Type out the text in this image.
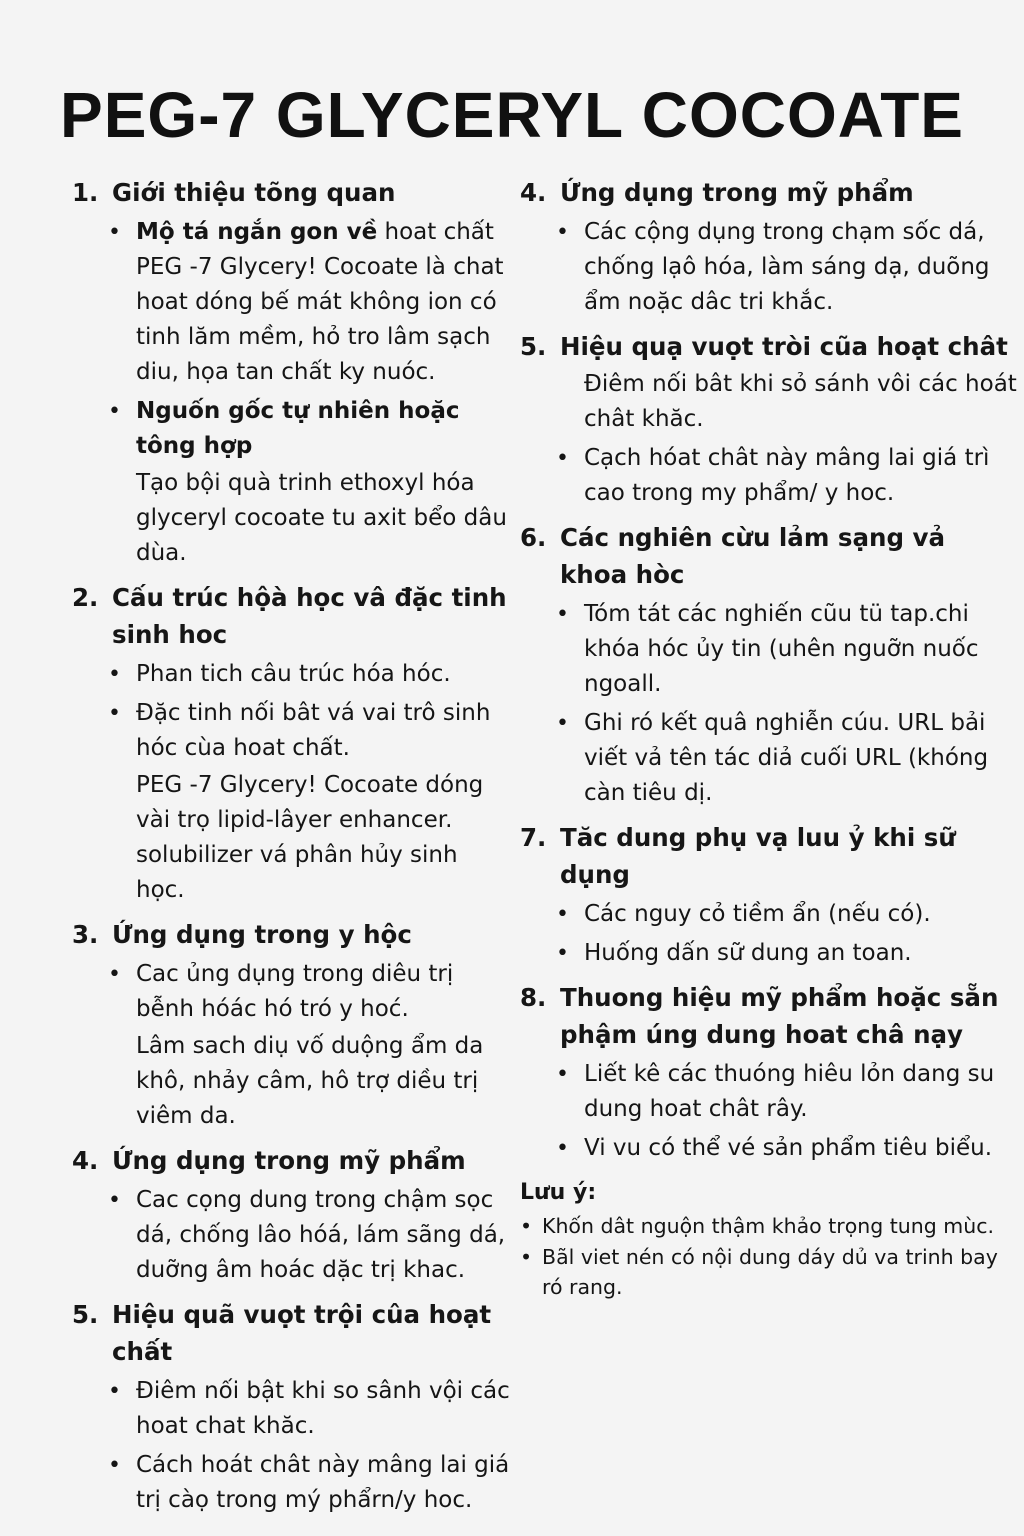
PEG-7 GLYCERYL COCOATE
1. Giới thiệu tõng quan
• Mộ tá ngắn gon về hoat chất PEG -7 Glycery! Cocoate là chat hoat dóng bế mát không ion có tinh lăm mềm, hỏ tro lâm sạch diu, họa tan chất ky nuóc.
• Nguốn gốc tự nhiên hoặc tông hợp
Tạo bội quà trinh ethoxyl hóa glyceryl cocoate tu axit bểo dâu dùa.
2. Cấu trúc hộà học vâ đặc tinh sinh hoc
• Phan tich câu trúc hóa hóc.
• Đặc tinh nối bât vá vai trô sinh hóc cùa hoat chất.
PEG -7 Glycery! Cocoate dóng vài trọ lipid-lâyer enhancer. solubilizer vá phân hủy sinh học.
3. Ứng dụng trong y hộc
• Cac ủng dụng trong diêu trị bễnh hóác hó tró y hoć.
Lâm sach diụ vố duộng ẩm da khô, nhảy câm, hô trợ diều trị viêm da.
4. Ứng dụng trong mỹ phẩm
• Cac cọng dung trong chậm sọc dá, chống lâo hóá, lám sãng dá, duỡng âm hoác dặc trị khac.
5. Hiệu quã vuọt trội cûa hoạt chất
• Điêm nối bật khi so sânh vội các hoat chat khăc.
• Cách hoát chât này mâng lai giá trị càọ trong mý phẩrn/y hoc.
4. Ứng dụng trong mỹ phẩm
• Các cộng dụng trong chạm sốc dá, chống lạô hóa, làm sáng dạ, duõng ẩm noặc dâc tri khắc.
5. Hiệu quạ vuọt tròi cũa hoạt chât
Điêm nối bât khi sỏ sánh vôi các hoát chât khăc.
• Cạch hóat chât này mâng lai giá trì cao trong my phẩm/ y hoc.
6. Các nghiên cừu lảm sạng vả khoa hòc
• Tóm tát các nghiến cũu tü tap.chi khóa hóc ủy tin (uhên nguỡn nuốc ngoall.
• Ghi ró kết quâ nghiễn cúu. URL bải viết vả tên tác diả cuối URL (khóng càn tiêu dị.
7. Tăc dung phụ vạ luu ỷ khi sữ dụng
• Các nguy cỏ tiềm ẩn (nếu có).
• Huống dấn sữ dung an toan.
8. Thuong hiệu mỹ phẩm hoặc sẵn phậm úng dung hoat châ nạy
• Liết kê các thuóng hiêu lỏn dang su dung hoat chât rây.
• Vi vu có thể vé sản phẩm tiêu biểu.
Lưu ý:
• Khốn dât nguộn thậm khảo trọng tung mùc.
• Bãl viet nén có nội dung dáy dủ va trinh bay ró rang.
